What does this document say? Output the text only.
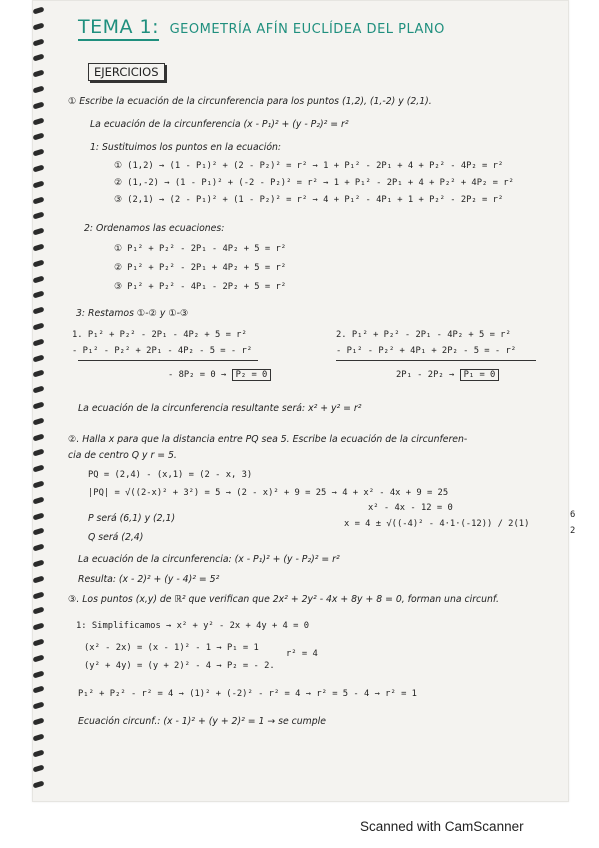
TEMA 1: GEOMETRÍA AFÍN EUCLÍDEA DEL PLANO
EJERCICIOS
① Escribe la ecuación de la circunferencia para los puntos (1,2), (1,-2) y (2,1).
La ecuación de la circunferencia (x - P₁)² + (y - P₂)² = r²
1: Sustituimos los puntos en la ecuación:
① (1,2) → (1 - P₁)² + (2 - P₂)² = r² → 1 + P₁² - 2P₁ + 4 + P₂² - 4P₂ = r²
② (1,-2) → (1 - P₁)² + (-2 - P₂)² = r² → 1 + P₁² - 2P₁ + 4 + P₂² + 4P₂ = r²
③ (2,1) → (2 - P₁)² + (1 - P₂)² = r² → 4 + P₁² - 4P₁ + 1 + P₂² - 2P₂ = r²
2: Ordenamos las ecuaciones:
① P₁² + P₂² - 2P₁ - 4P₂ + 5 = r²
② P₁² + P₂² - 2P₁ + 4P₂ + 5 = r²
③ P₁² + P₂² - 4P₁ - 2P₂ + 5 = r²
3: Restamos ①-② y ①-③
1. P₁² + P₂² - 2P₁ - 4P₂ + 5 = r²
- P₁² - P₂² + 2P₁ - 4P₂ - 5 = - r²
- 8P₂ = 0 → P₂ = 0
2. P₁² + P₂² - 2P₁ - 4P₂ + 5 = r²
- P₁² - P₂² + 4P₁ + 2P₂ - 5 = - r²
2P₁ - 2P₂ → P₁ = 0
La ecuación de la circunferencia resultante será: x² + y² = r²
②. Halla x para que la distancia entre PQ sea 5. Escribe la ecuación de la circunferen-
cia de centro Q y r = 5.
PQ = (2,4) - (x,1) = (2 - x, 3)
|PQ| = √((2-x)² + 3²) = 5 → (2 - x)² + 9 = 25 → 4 + x² - 4x + 9 = 25
x² - 4x - 12 = 0
P será (6,1) y (2,1)	x = 4 ± √((-4)² - 4·1·(-12)) / 2(1)
6
2
Q será (2,4)
La ecuación de la circunferencia: (x - P₁)² + (y - P₂)² = r²
Resulta: (x - 2)² + (y - 4)² = 5²
③. Los puntos (x,y) de ℝ² que verifican que 2x² + 2y² - 4x + 8y + 8 = 0, forman una circunf.
1: Simplificamos → x² + y² - 2x + 4y + 4 = 0
(x² - 2x) = (x - 1)² - 1 → P₁ = 1
r² = 4
(y² + 4y) = (y + 2)² - 4 → P₂ = - 2.
P₁² + P₂² - r² = 4 → (1)² + (-2)² - r² = 4 → r² = 5 - 4 → r² = 1
Ecuación circunf.: (x - 1)² + (y + 2)² = 1 → se cumple
Scanned with CamScanner
